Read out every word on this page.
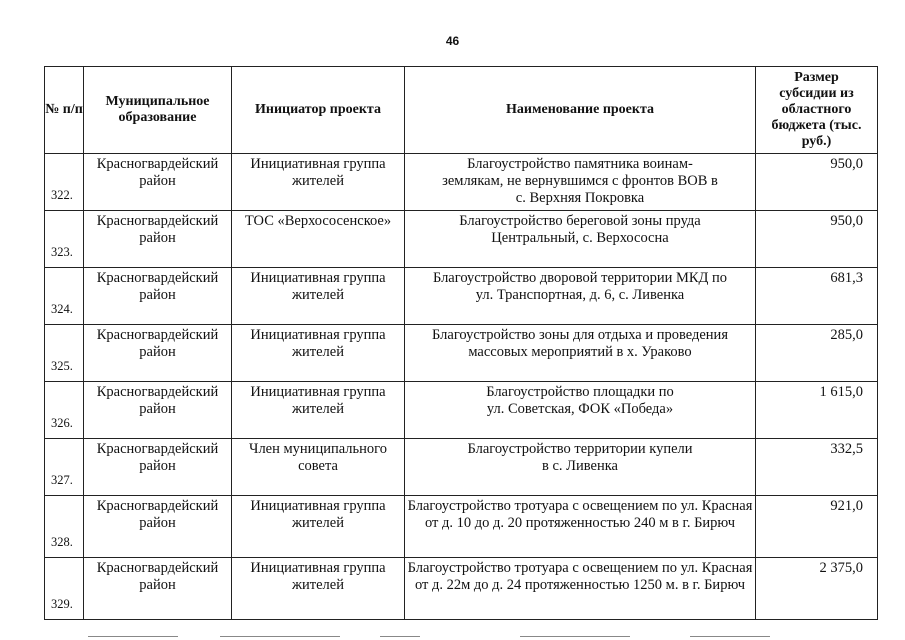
46
№ п/п	Муниципальное образование	Инициатор проекта	Наименование проекта	Размер субсидии из областного бюджета (тыс. руб.)
322.	Красногвардейский район	Инициативная группа жителей	Благоустройство памятника воинам-землякам, не вернувшимся с фронтов ВОВ в с. Верхняя Покровка	950,0
323.	Красногвардейский район	ТОС «Верхососенское»	Благоустройство береговой зоны пруда Центральный, с. Верхососна	950,0
324.	Красногвардейский район	Инициативная группа жителей	Благоустройство дворовой территории МКД по ул. Транспортная, д. 6, с. Ливенка	681,3
325.	Красногвардейский район	Инициативная группа жителей	Благоустройство зоны для отдыха и проведения массовых мероприятий в х. Ураково	285,0
326.	Красногвардейский район	Инициативная группа жителей	Благоустройство площадки по ул. Советская, ФОК «Победа»	1 615,0
327.	Красногвардейский район	Член муниципального совета	Благоустройство территории купели в с. Ливенка	332,5
328.	Красногвардейский район	Инициативная группа жителей	Благоустройство тротуара с освещением по ул. Красная от д. 10 до д. 20 протяженностью 240 м в г. Бирюч	921,0
329.	Красногвардейский район	Инициативная группа жителей	Благоустройство тротуара с освещением по ул. Красная от д. 22м до д. 24 протяженностью 1250 м. в г. Бирюч	2 375,0
